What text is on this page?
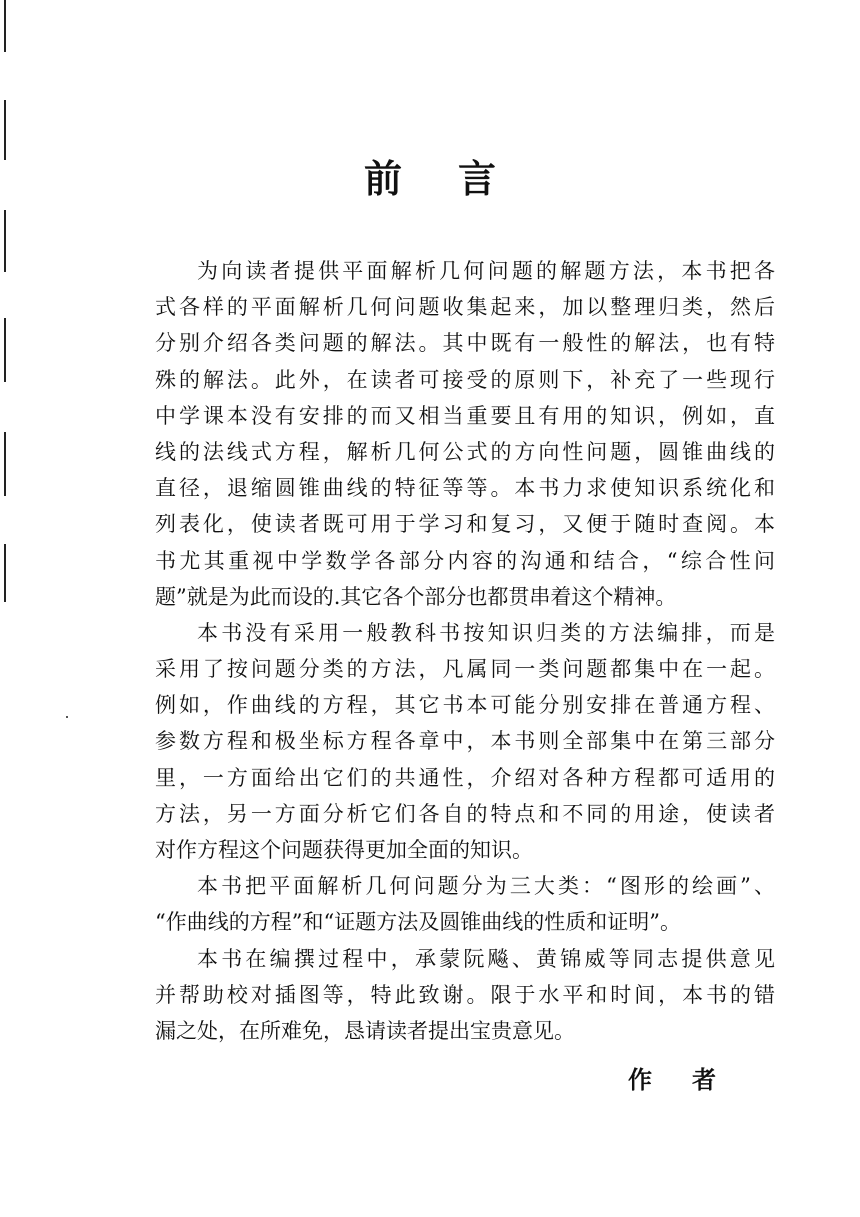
前言
为向读者提供平面解析几何问题的解题方法，本书把各
式各样的平面解析几何问题收集起来，加以整理归类，然后
分别介绍各类问题的解法。其中既有一般性的解法，也有特
殊的解法。此外，在读者可接受的原则下，补充了一些现行
中学课本没有安排的而又相当重要且有用的知识，例如，直
线的法线式方程，解析几何公式的方向性问题，圆锥曲线的
直径，退缩圆锥曲线的特征等等。本书力求使知识系统化和
列表化，使读者既可用于学习和复习，又便于随时查阅。本
书尤其重视中学数学各部分内容的沟通和结合，“综合性问
题”就是为此而设的.其它各个部分也都贯串着这个精神。
本书没有采用一般教科书按知识归类的方法编排，而是
采用了按问题分类的方法，凡属同一类问题都集中在一起。
例如，作曲线的方程，其它书本可能分别安排在普通方程、
参数方程和极坐标方程各章中，本书则全部集中在第三部分
里，一方面给出它们的共通性，介绍对各种方程都可适用的
方法，另一方面分析它们各自的特点和不同的用途，使读者
对作方程这个问题获得更加全面的知识。
本书把平面解析几何问题分为三大类：“图形的绘画”、
“作曲线的方程”和“证题方法及圆锥曲线的性质和证明”。
本书在编撰过程中，承蒙阮飚、黄锦威等同志提供意见
并帮助校对插图等，特此致谢。限于水平和时间，本书的错
漏之处，在所难免，恳请读者提出宝贵意见。
作者
